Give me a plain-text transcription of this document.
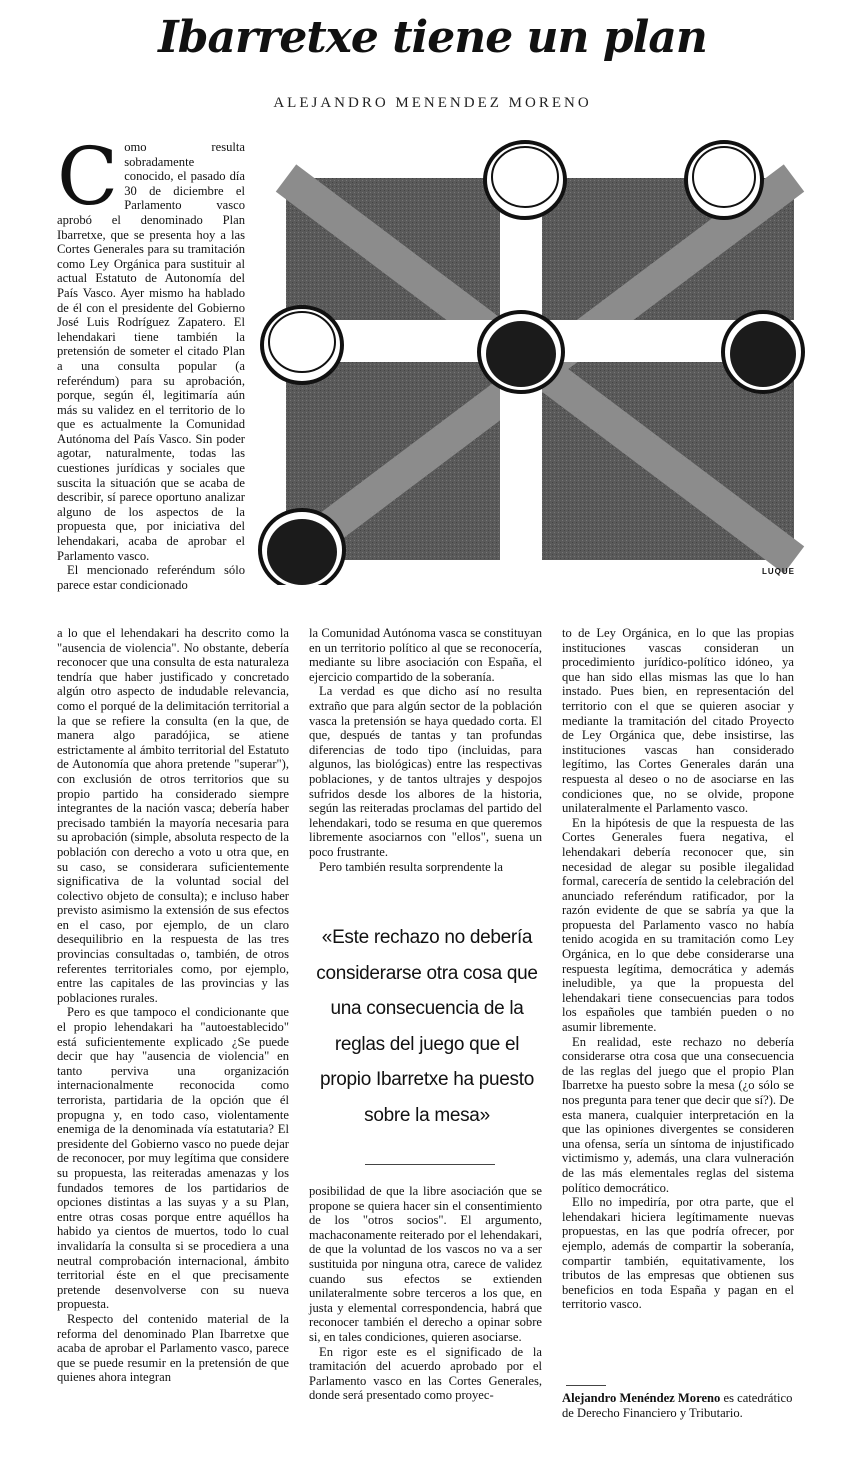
Ibarretxe tiene un plan
ALEJANDRO MENENDEZ MORENO
LUQUE

Como resulta sobradamente conocido, el pasado día 30 de diciembre el Parlamento vasco aprobó el denominado Plan Ibarretxe, que se presenta hoy a las Cortes Generales para su tramitación como Ley Orgánica para sustituir al actual Estatuto de Autonomía del País Vasco. Ayer mismo ha hablado de él con el presidente del Gobierno José Luis Rodríguez Zapatero. El lehendakari tiene también la pretensión de someter el citado Plan a una consulta popular (a referéndum) para su aprobación, porque, según él, legitimaría aún más su validez en el territorio de lo que es actualmente la Comunidad Autónoma del País Vasco. Sin poder agotar, naturalmente, todas las cuestiones jurídicas y sociales que suscita la situación que se acaba de describir, sí parece oportuno analizar alguno de los aspectos de la propuesta que, por iniciativa del lehendakari, acaba de aprobar el Parlamento vasco.

El mencionado referéndum sólo parece estar condicionado

a lo que el lehendakari ha descrito como la "ausencia de violencia". No obstante, debería reconocer que una consulta de esta naturaleza tendría que haber justificado y concretado algún otro aspecto de indudable relevancia, como el porqué de la delimitación territorial a la que se refiere la consulta (en la que, de manera algo paradójica, se atiene estrictamente al ámbito territorial del Estatuto de Autonomía que ahora pretende "superar"), con exclusión de otros territorios que su propio partido ha considerado siempre integrantes de la nación vasca; debería haber precisado también la mayoría necesaria para su aprobación (simple, absoluta respecto de la población con derecho a voto u otra que, en su caso, se considerara suficientemente significativa de la voluntad social del colectivo objeto de consulta); e incluso haber previsto asimismo la extensión de sus efectos en el caso, por ejemplo, de un claro desequilibrio en la respuesta de las tres provincias consultadas o, también, de otros referentes territoriales como, por ejemplo, entre las capitales de las provincias y las poblaciones rurales.

Pero es que tampoco el condicionante que el propio lehendakari ha "autoestablecido" está suficientemente explicado ¿Se puede decir que hay "ausencia de violencia" en tanto perviva una organización internacionalmente reconocida como terrorista, partidaria de la opción que él propugna y, en todo caso, violentamente enemiga de la denominada vía estatutaria? El presidente del Gobierno vasco no puede dejar de reconocer, por muy legítima que considere su propuesta, las reiteradas amenazas y los fundados temores de los partidarios de opciones distintas a las suyas y a su Plan, entre otras cosas porque entre aquéllos ha habido ya cientos de muertos, todo lo cual invalidaría la consulta si se procediera a una neutral comprobación internacional, ámbito territorial éste en el que precisamente pretende desenvolverse con su nueva propuesta.

Respecto del contenido material de la reforma del denominado Plan Ibarretxe que acaba de aprobar el Parlamento vasco, parece que se puede resumir en la pretensión de que quienes ahora integran

la Comunidad Autónoma vasca se constituyan en un territorio político al que se reconocería, mediante su libre asociación con España, el ejercicio compartido de la soberanía.

La verdad es que dicho así no resulta extraño que para algún sector de la población vasca la pretensión se haya quedado corta. El que, después de tantas y tan profundas diferencias de todo tipo (incluidas, para algunos, las biológicas) entre las respectivas poblaciones, y de tantos ultrajes y despojos sufridos desde los albores de la historia, según las reiteradas proclamas del partido del lehendakari, todo se resuma en que queremos libremente asociarnos con "ellos", suena un poco frustrante.

Pero también resulta sorprendente la

«Este rechazo no debería considerarse otra cosa que una consecuencia de la reglas del juego que el propio Ibarretxe ha puesto sobre la mesa»

posibilidad de que la libre asociación que se propone se quiera hacer sin el consentimiento de los "otros socios". El argumento, machaconamente reiterado por el lehendakari, de que la voluntad de los vascos no va a ser sustituida por ninguna otra, carece de validez cuando sus efectos se extienden unilateralmente sobre terceros a los que, en justa y elemental correspondencia, habrá que reconocer también el derecho a opinar sobre si, en tales condiciones, quieren asociarse.

En rigor este es el significado de la tramitación del acuerdo aprobado por el Parlamento vasco en las Cortes Generales, donde será presentado como proyec-

to de Ley Orgánica, en lo que las propias instituciones vascas consideran un procedimiento jurídico-político idóneo, ya que han sido ellas mismas las que lo han instado. Pues bien, en representación del territorio con el que se quieren asociar y mediante la tramitación del citado Proyecto de Ley Orgánica que, debe insistirse, las instituciones vascas han considerado legítimo, las Cortes Generales darán una respuesta al deseo o no de asociarse en las condiciones que, no se olvide, propone unilateralmente el Parlamento vasco.

En la hipótesis de que la respuesta de las Cortes Generales fuera negativa, el lehendakari debería reconocer que, sin necesidad de alegar su posible ilegalidad formal, carecería de sentido la celebración del anunciado referéndum ratificador, por la razón evidente de que se sabría ya que la propuesta del Parlamento vasco no había tenido acogida en su tramitación como Ley Orgánica, en lo que debe considerarse una respuesta legítima, democrática y además ineludible, ya que la propuesta del lehendakari tiene consecuencias para todos los españoles que también pueden o no asumir libremente.

En realidad, este rechazo no debería considerarse otra cosa que una consecuencia de las reglas del juego que el propio Plan Ibarretxe ha puesto sobre la mesa (¿o sólo se nos pregunta para tener que decir que sí?). De esta manera, cualquier interpretación en la que las opiniones divergentes se consideren una ofensa, sería un síntoma de injustificado victimismo y, además, una clara vulneración de las más elementales reglas del sistema político democrático.

Ello no impediría, por otra parte, que el lehendakari hiciera legítimamente nuevas propuestas, en las que podría ofrecer, por ejemplo, además de compartir la soberanía, compartir también, equitativamente, los tributos de las empresas que obtienen sus beneficios en toda España y pagan en el territorio vasco.

Alejandro Menéndez Moreno es catedrático de Derecho Financiero y Tributario.
